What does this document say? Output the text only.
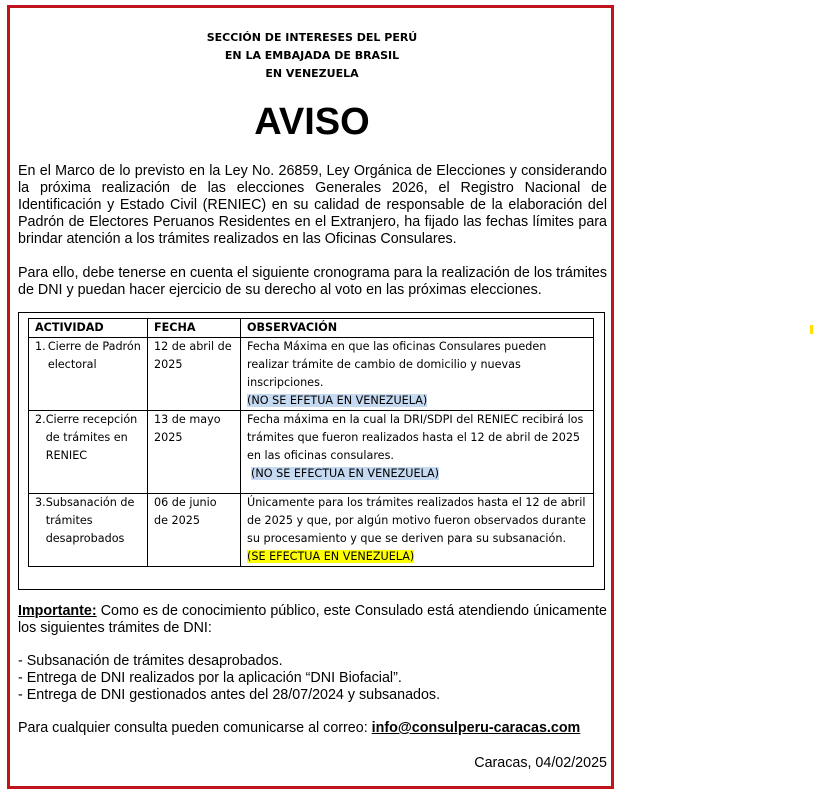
SECCIÓN DE INTERESES DEL PERÚ
EN LA EMBAJADA DE BRASIL
EN VENEZUELA
AVISO
En el Marco de lo previsto en la Ley No. 26859, Ley Orgánica de Elecciones y considerando la próxima realización de las elecciones Generales 2026, el Registro Nacional de Identificación y Estado Civil (RENIEC) en su calidad de responsable de la elaboración del Padrón de Electores Peruanos Residentes en el Extranjero, ha fijado las fechas límites para brindar atención a los trámites realizados en las Oficinas Consulares.
Para ello, debe tenerse en cuenta el siguiente cronograma para la realización de los trámites de DNI y puedan hacer ejercicio de su derecho al voto en las próximas elecciones.
ACTIVIDAD	FECHA	OBSERVACIÓN

1. Cierre de Padrón electoral	12 de abril de 2025	Fecha Máxima en que las oficinas Consulares pueden realizar trámite de cambio de domicilio y nuevas inscripciones.
(NO SE EFETUA EN VENEZUELA)

2. Cierre recepción de trámites en RENIEC	13 de mayo 2025	Fecha máxima en la cual la DRI/SDPI del RENIEC recibirá los trámites que fueron realizados hasta el 12 de abril de 2025 en las oficinas consulares.
(NO SE EFECTUA EN VENEZUELA)

3. Subsanación de trámites desaprobados	06 de junio de 2025	Únicamente para los trámites realizados hasta el 12 de abril de 2025 y que, por algún motivo fueron observados durante su procesamiento y que se deriven para su subsanación.
(SE EFECTUA EN VENEZUELA)
Importante: Como es de conocimiento público, este Consulado está atendiendo únicamente los siguientes trámites de DNI:
- Subsanación de trámites desaprobados.
- Entrega de DNI realizados por la aplicación “DNI Biofacial”.
- Entrega de DNI gestionados antes del 28/07/2024 y subsanados.
Para cualquier consulta pueden comunicarse al correo: info@consulperu-caracas.com
Caracas, 04/02/2025
